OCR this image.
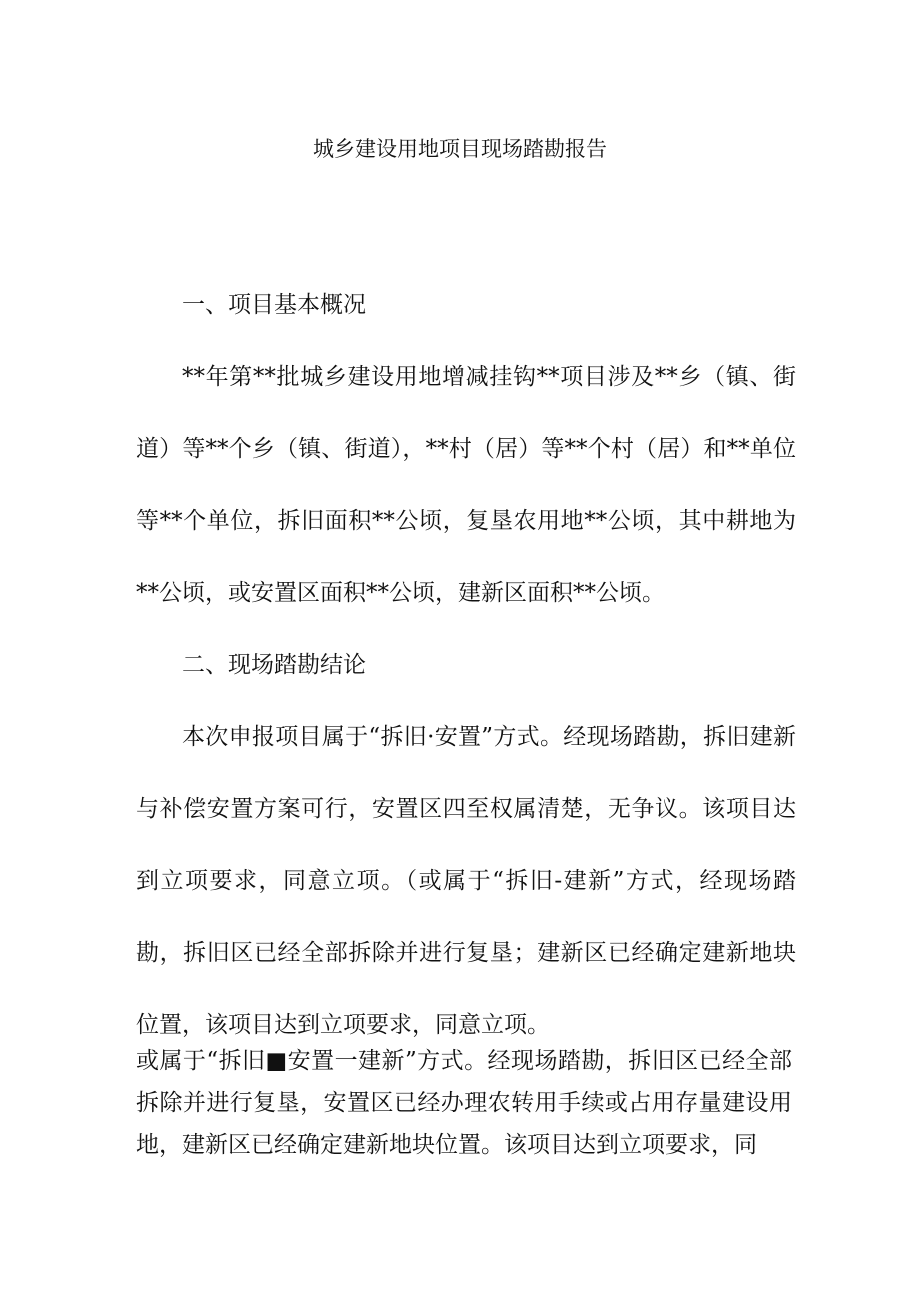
城乡建设用地项目现场踏勘报告

一、项目基本概况

**年第**批城乡建设用地增减挂钩**项目涉及**乡（镇、街道）等**个乡（镇、街道），**村（居）等**个村（居）和**单位等**个单位，拆旧面积**公顷，复垦农用地**公顷，其中耕地为**公顷，或安置区面积**公顷，建新区面积**公顷。

二、现场踏勘结论

本次申报项目属于“拆旧·安置”方式。经现场踏勘，拆旧建新与补偿安置方案可行，安置区四至权属清楚，无争议。该项目达到立项要求，同意立项。（或属于“拆旧-建新”方式，经现场踏勘，拆旧区已经全部拆除并进行复垦；建新区已经确定建新地块位置，该项目达到立项要求，同意立项。

或属于“拆旧■安置一建新”方式。经现场踏勘，拆旧区已经全部拆除并进行复垦，安置区已经办理农转用手续或占用存量建设用地，建新区已经确定建新地块位置。该项目达到立项要求，同
